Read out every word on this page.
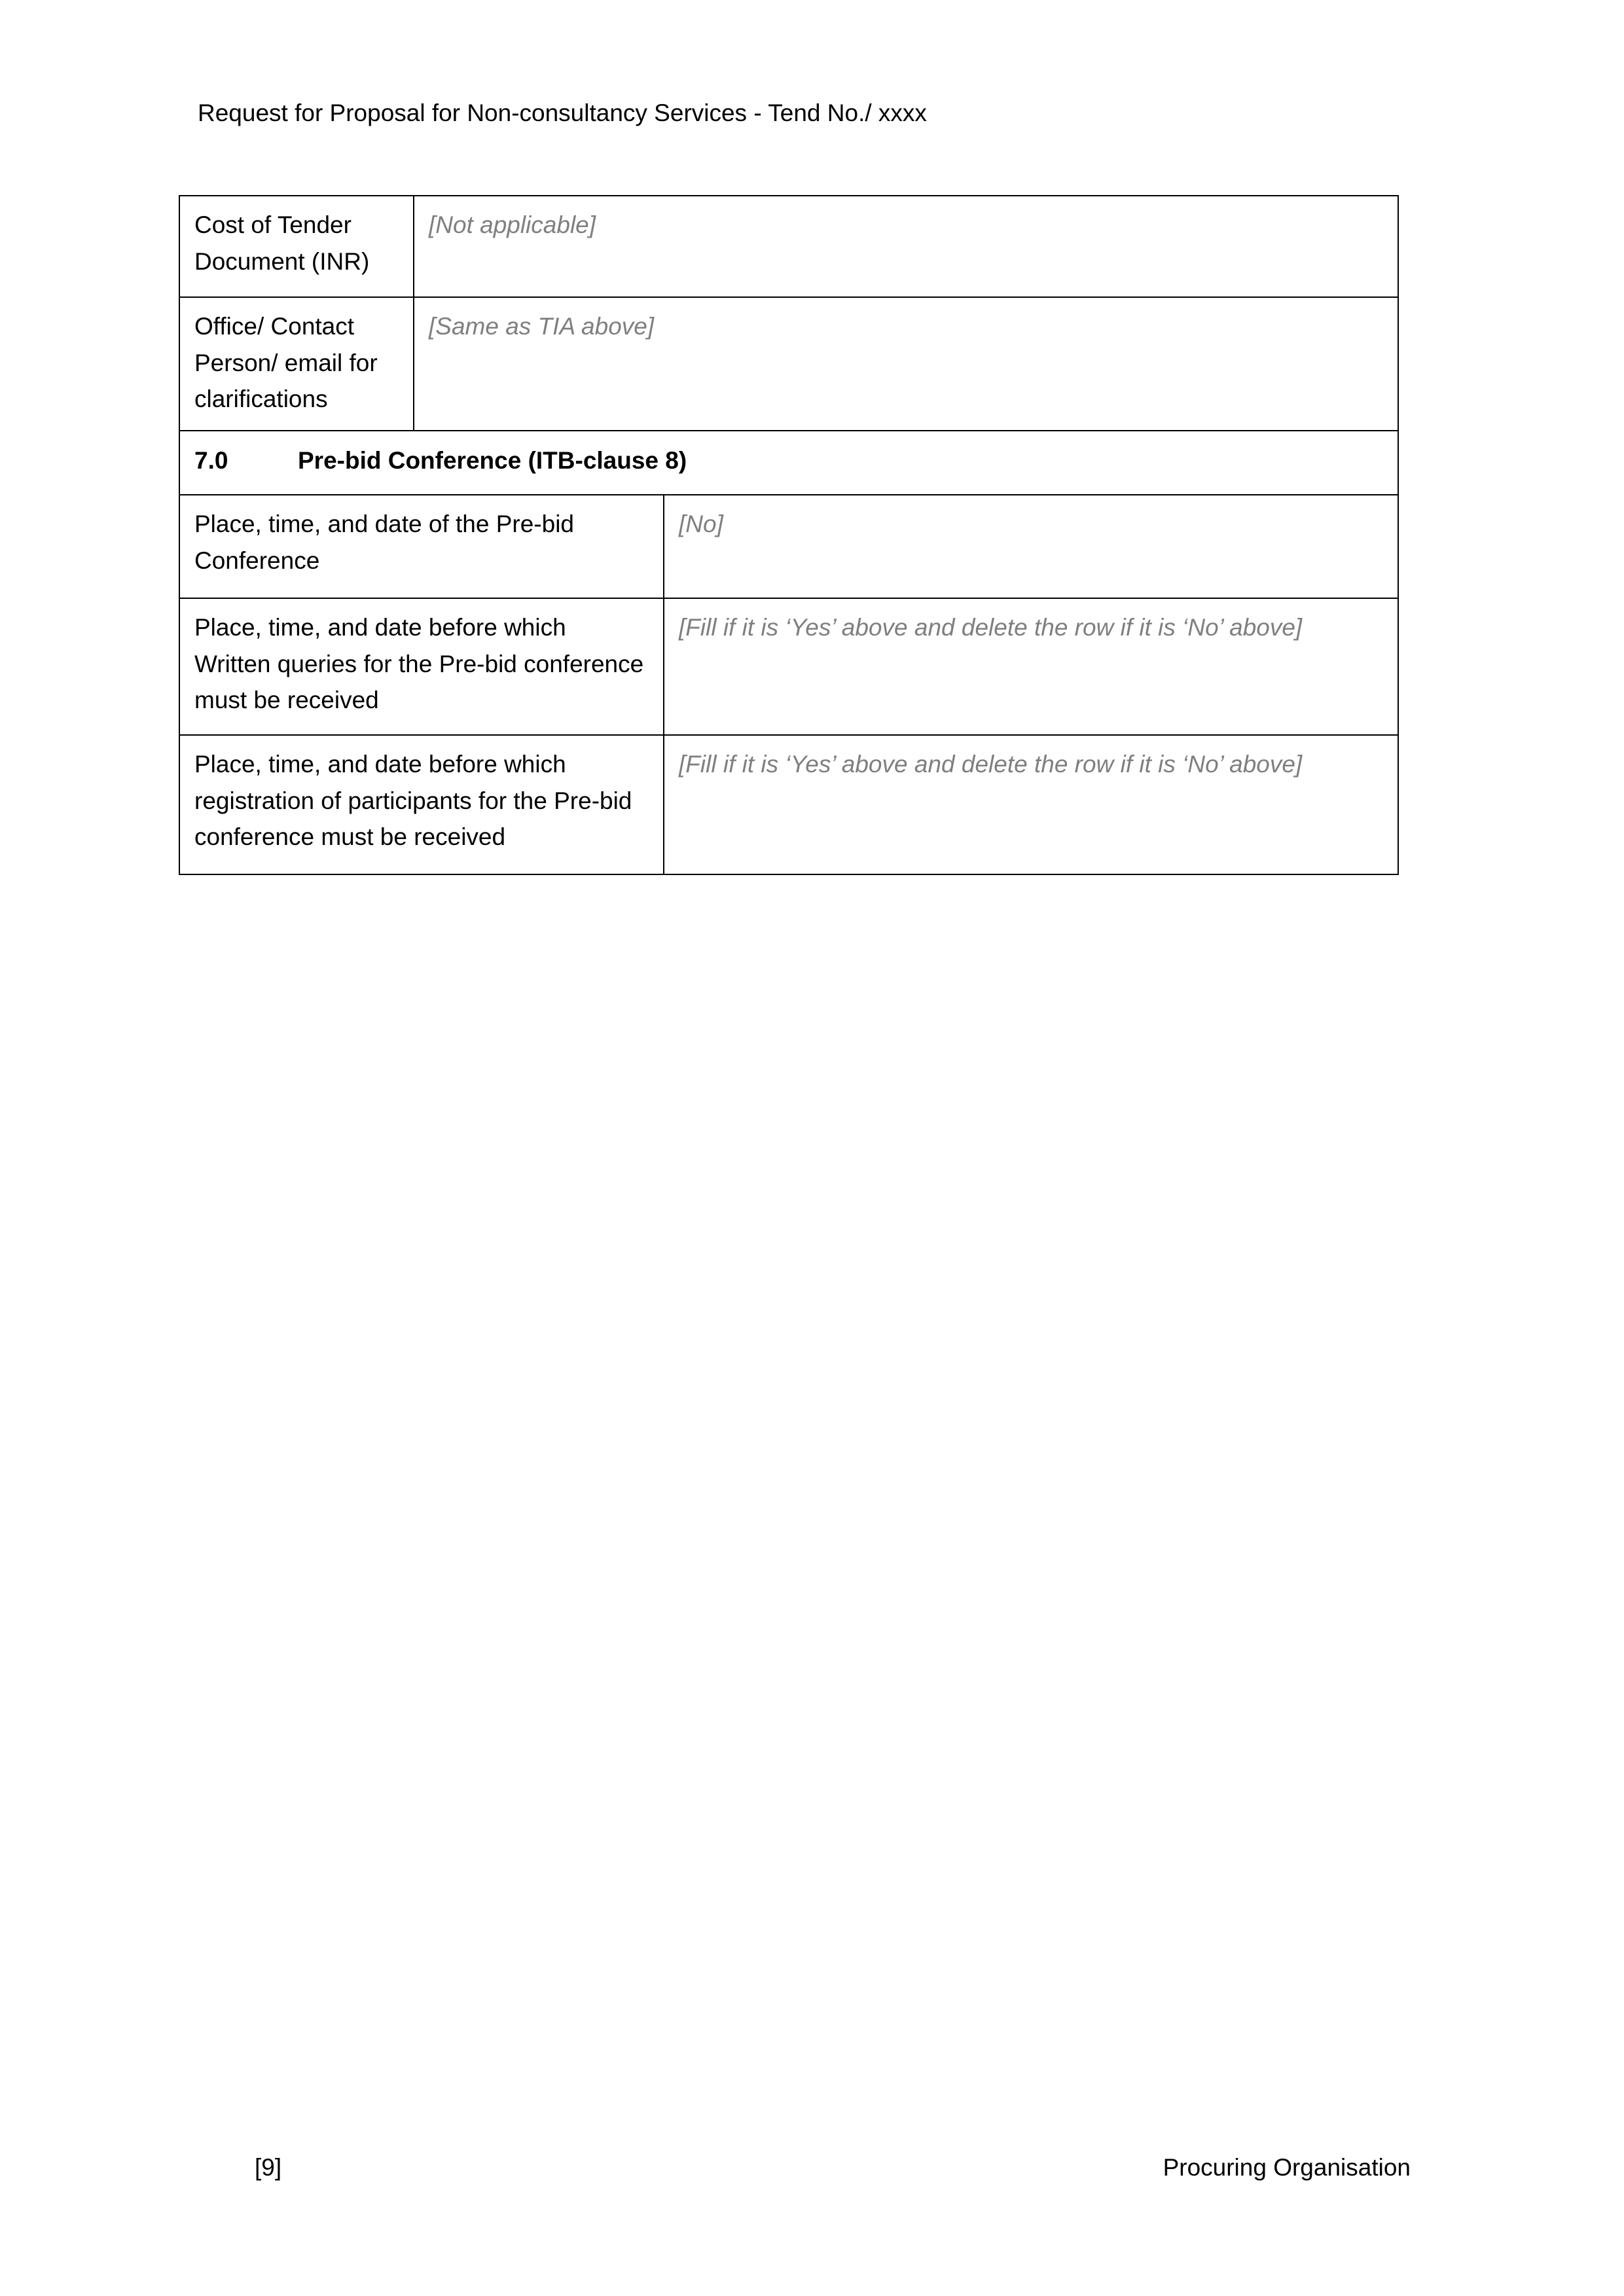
Request for Proposal for Non-consultancy Services - Tend No./ xxxx
Cost of Tender Document (INR)
[Not applicable]
Office/ Contact Person/ email for clarifications
[Same as TIA above]
7.0	Pre-bid Conference (ITB-clause 8)
Place, time, and date of the Pre-bid Conference
[No]
Place, time, and date before which Written queries for the Pre-bid conference must be received
[Fill if it is ‘Yes’ above and delete the row if it is ‘No’ above]
Place, time, and date before which registration of participants for the Pre-bid conference must be received
[Fill if it is ‘Yes’ above and delete the row if it is ‘No’ above]
[9]	Procuring Organisation
